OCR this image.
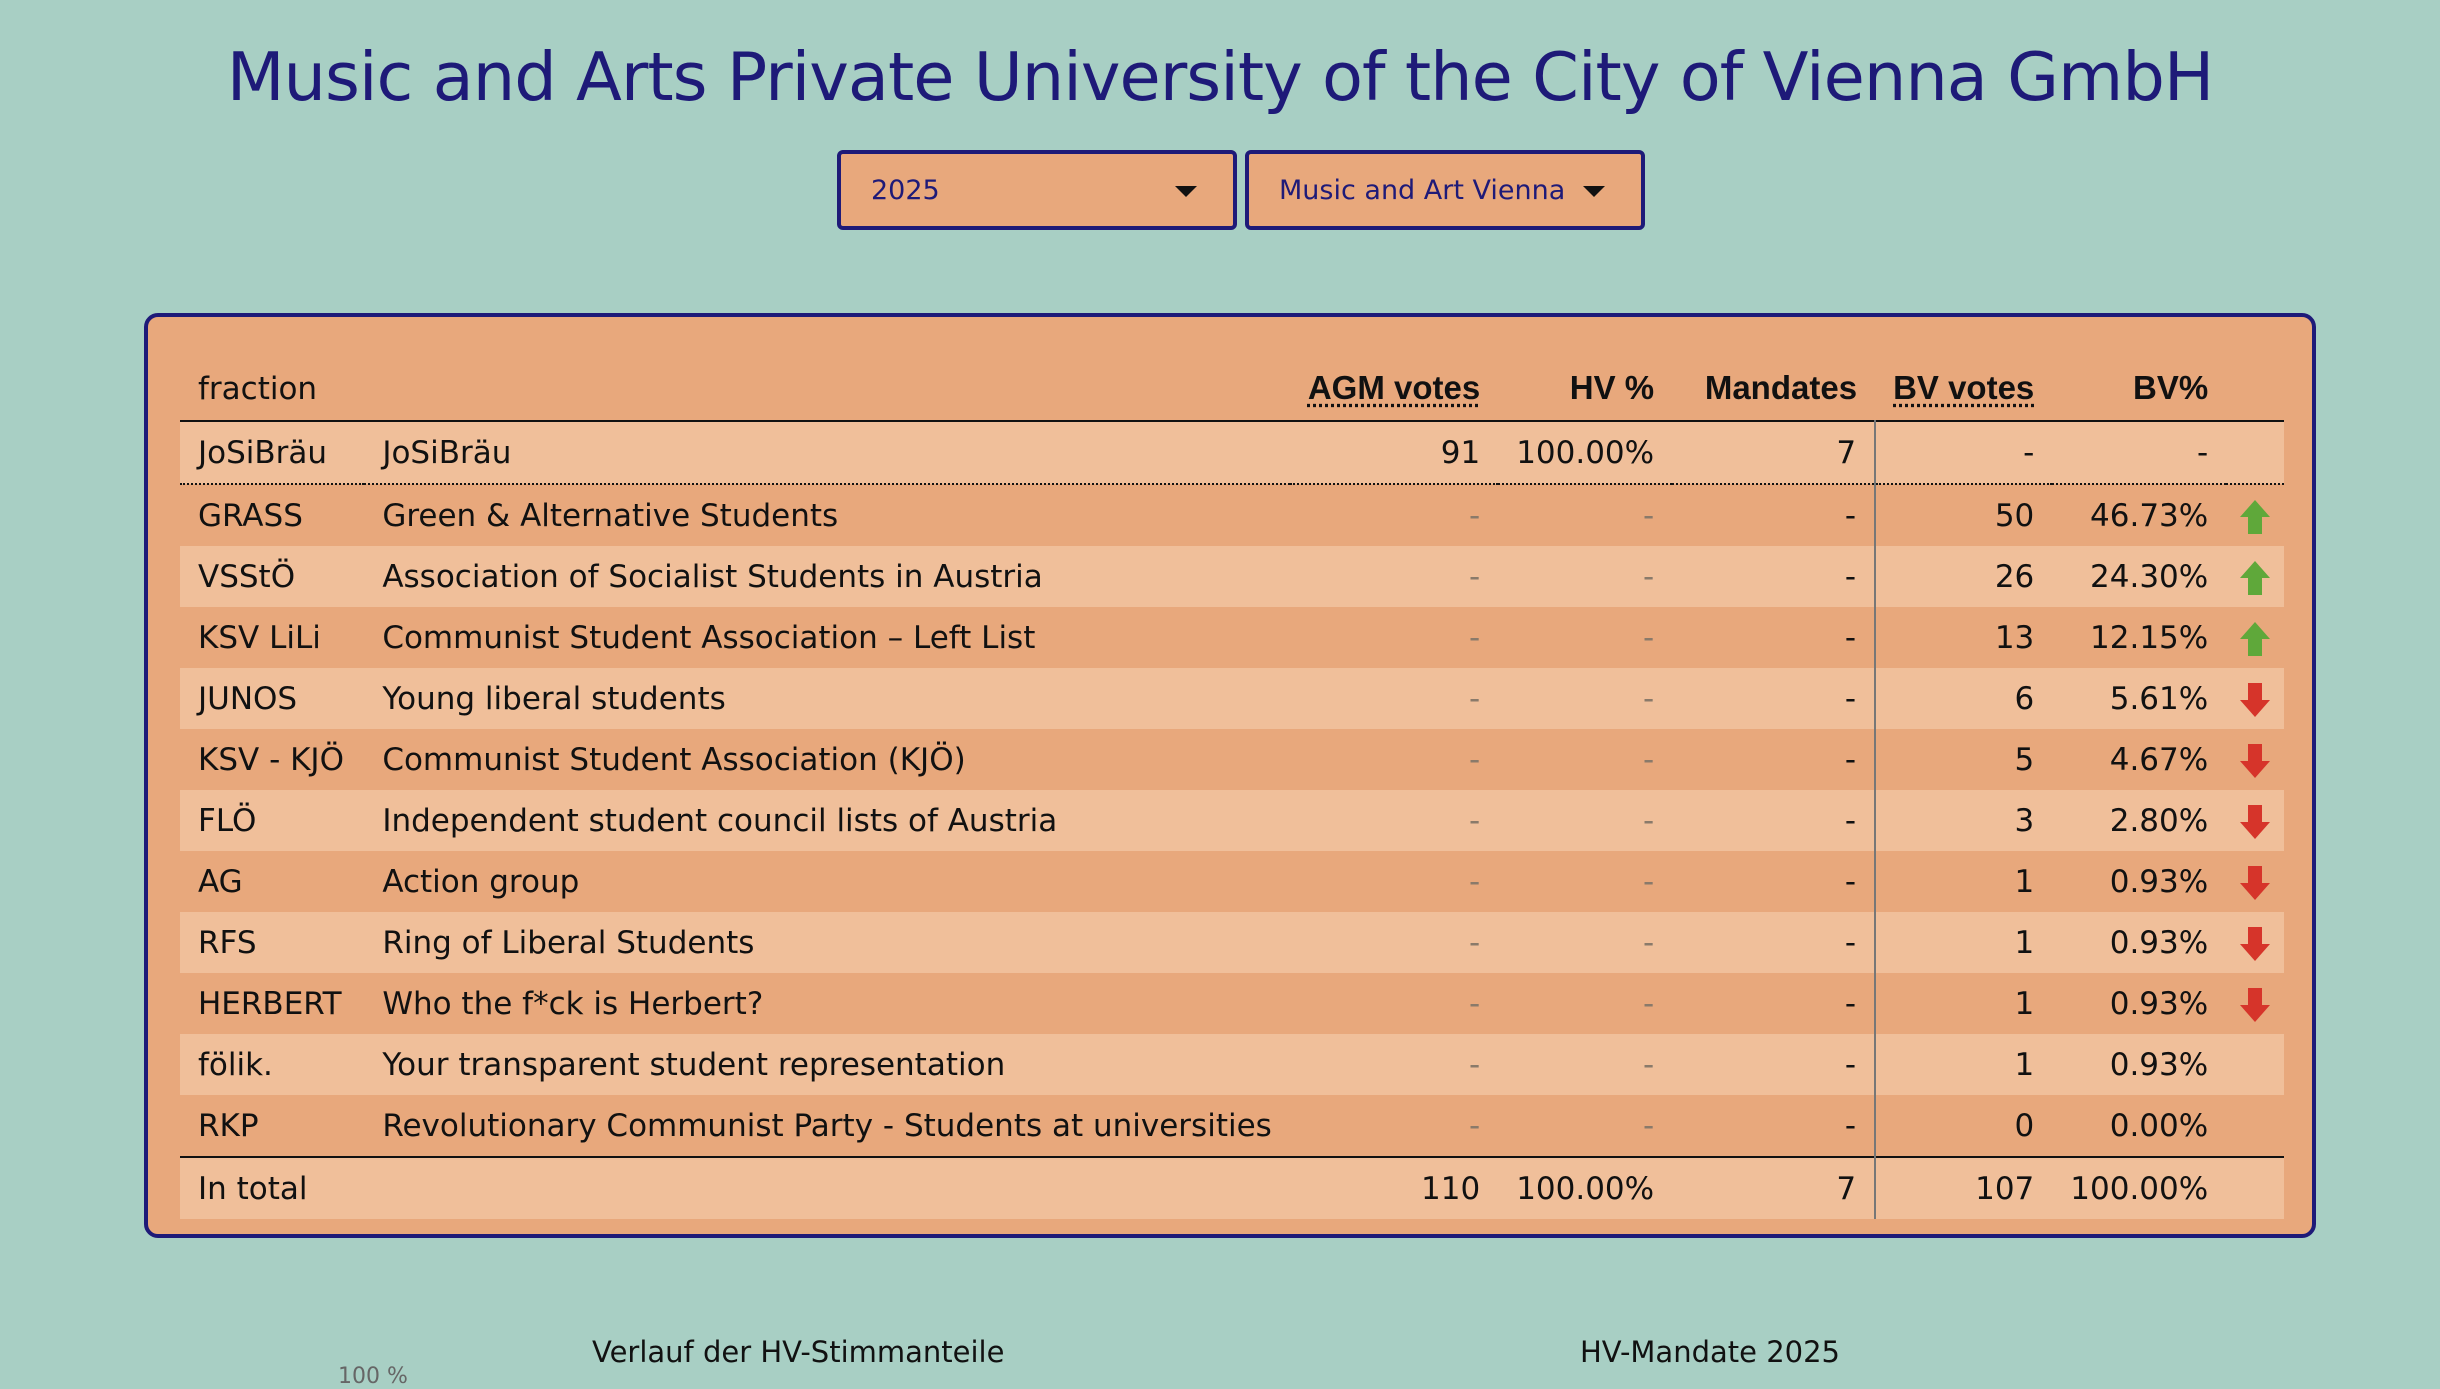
Music and Arts Private University of the City of Vienna GmbH
2025	Music and Art Vienna
fraction		AGM votes	HV %	Mandates	BV votes	BV%	
JoSiBräu	JoSiBräu	91	100.00%	7	-	-	
GRASS	Green & Alternative Students	-	-	-	50	46.73%	
VSStÖ	Association of Socialist Students in Austria	-	-	-	26	24.30%	
KSV LiLi	Communist Student Association – Left List	-	-	-	13	12.15%	
JUNOS	Young liberal students	-	-	-	6	5.61%	
KSV - KJÖ	Communist Student Association (KJÖ)	-	-	-	5	4.67%	
FLÖ	Independent student council lists of Austria	-	-	-	3	2.80%	
AG	Action group	-	-	-	1	0.93%	
RFS	Ring of Liberal Students	-	-	-	1	0.93%	
HERBERT	Who the f*ck is Herbert?	-	-	-	1	0.93%	
fölik.	Your transparent student representation	-	-	-	1	0.93%	
RKP	Revolutionary Communist Party - Students at universities	-	-	-	0	0.00%	
In total		110	100.00%	7	107	100.00%	
Verlauf der HV-Stimmanteile	HV-Mandate 2025
100 %
